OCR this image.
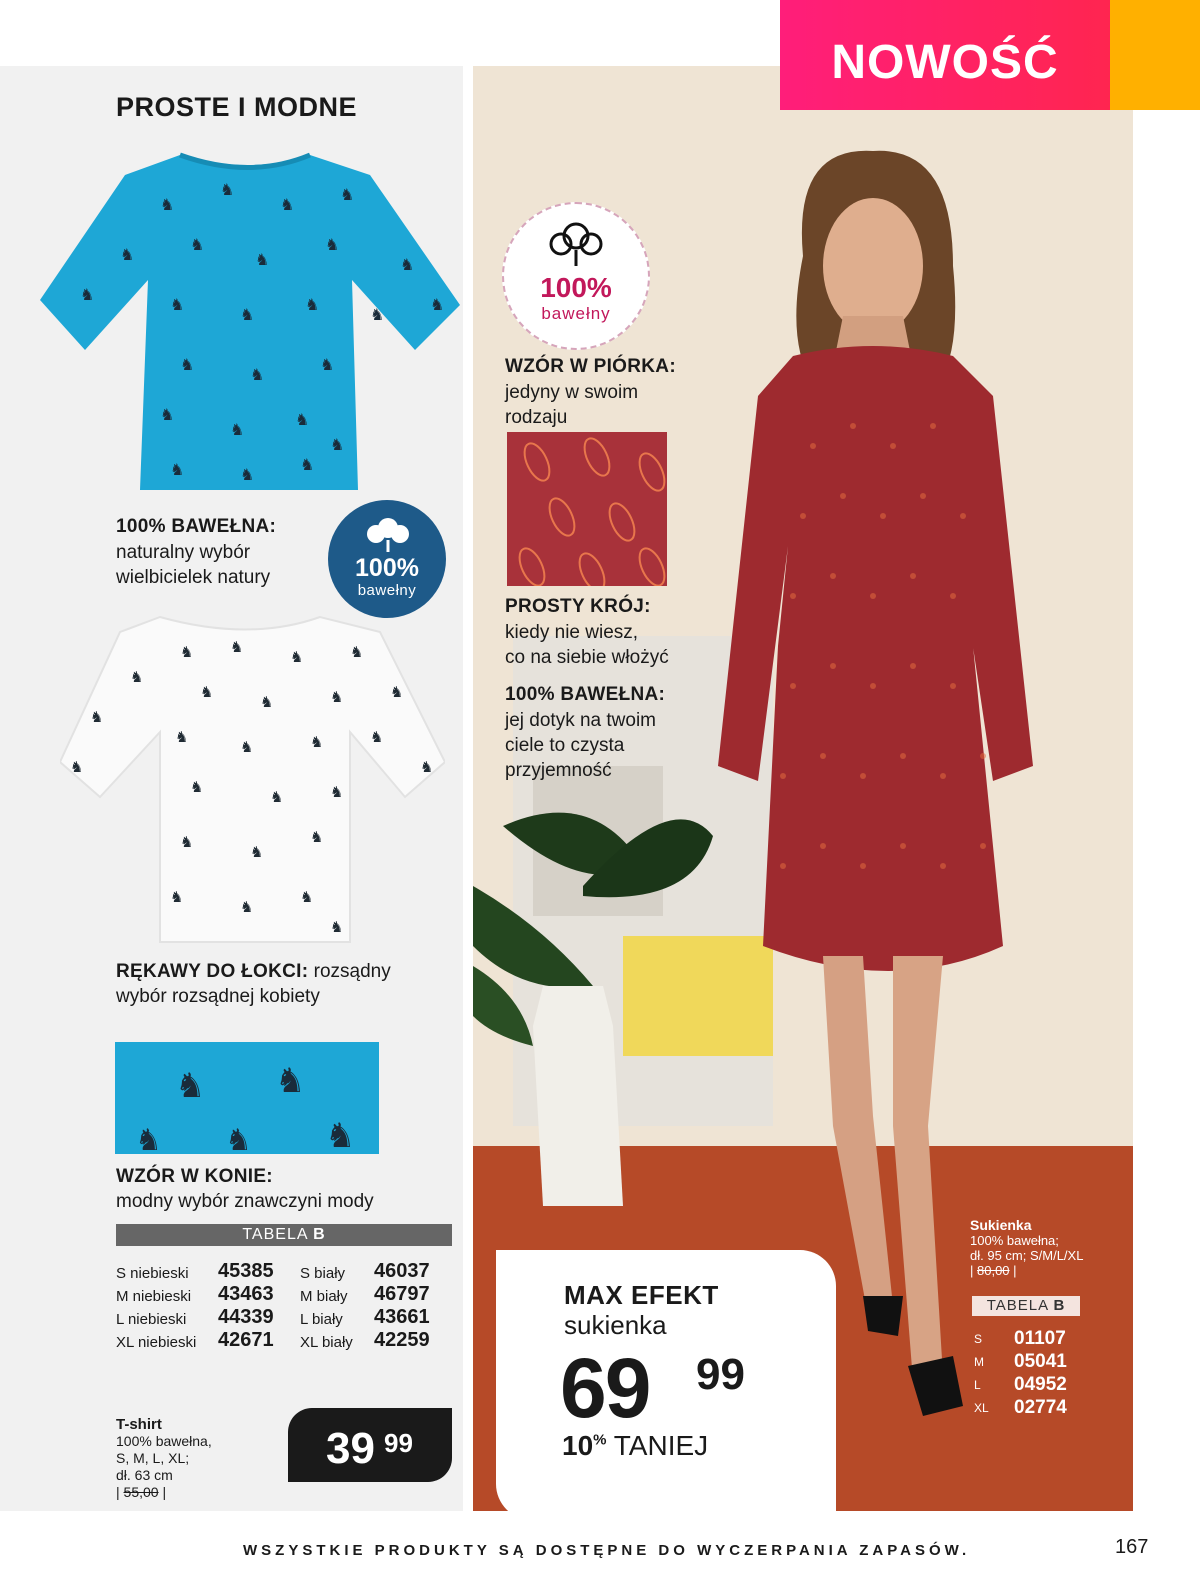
PROSTE I MODNE
♞
♞
♞
♞
♞
♞
♞
♞
♞
♞
♞
♞
♞
♞
♞
♞
♞
♞
♞
♞
♞
♞
♞	♞
♞
100% BAWEŁNA:
naturalny wybór
wielbicielek natury	100%
bawełny
♞ ♞
♞	♞
♞
♞
♞	♞	♞
♞
♞
♞	♞	♞
♞
♞
♞	♞
♞
♞
♞
♞
♞
♞
♞
♞
RĘKAWY DO ŁOKCI: rozsądny
wybór rozsądnej kobiety
♞ ♞
♞ ♞ ♞
WZÓR W KONIE:
modny wybór znawczyni mody
TABELA B
S niebieski 45385 S biały 46037
M niebieski 43463 M biały 46797
L niebieski 44339 L biały 43661
XL niebieski 42671 XL biały 42259
T-shirt
100% bawełna,
S, M, L, XL;
dł. 63 cm
| 55,00 |
39 99
NOWOŚĆ
100%
bawełny
WZÓR W PIÓRKA:
jedyny w swoim
rodzaju
PROSTY KRÓJ:
kiedy nie wiesz,
co na siebie włożyć
100% BAWEŁNA:
jej dotyk na twoim
ciele to czysta
przyjemność
MAX EFEKT
sukienka
69 99
10% TANIEJ
Sukienka
100% bawełna;
dł. 95 cm; S/M/L/XL
| 80,00 |
TABELA B
S 01107
M 05041
L 04952
XL 02774
WSZYSTKIE PRODUKTY SĄ DOSTĘPNE DO WYCZERPANIA ZAPASÓW.	167
